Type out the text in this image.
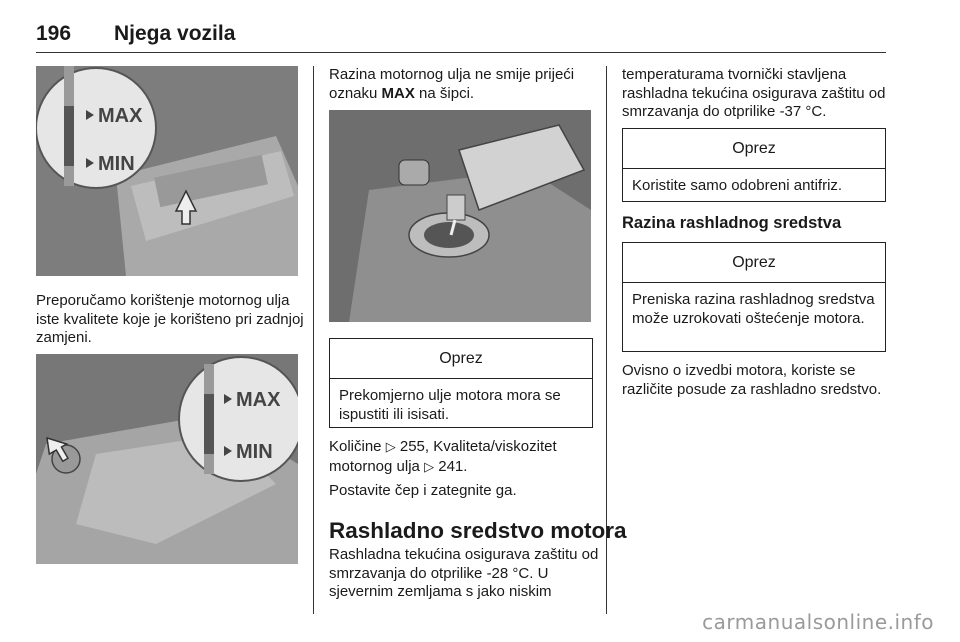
196 Njega vozila
MAX
MIN

Preporučamo korištenje motornog ulja iste kvalitete koje je korišteno pri zadnjoj zamjeni.

MAX
MIN

Razina motornog ulja ne smije prijeći oznaku MAX na šipci.

Oprez
Prekomjerno ulje motora mora se ispustiti ili isisati.

Količine ▷ 255, Kvaliteta/viskozitet motornog ulja ▷ 241.

Postavite čep i zategnite ga.

Rashladno sredstvo motora

Rashladna tekućina osigurava zaštitu od smrzavanja do otprilike -28 °C. U sjevernim zemljama s jako niskim

temperaturama tvornički stavljena rashladna tekućina osigurava zaštitu od smrzavanja do otprilike -37 °C.

Oprez
Koristite samo odobreni antifriz.
Razina rashladnog sredstva
Oprez
Preniska razina rashladnog sredstva može uzrokovati oštećenje motora.

Ovisno o izvedbi motora, koriste se različite posude za rashladno sredstvo.

carmanualsonline.info
